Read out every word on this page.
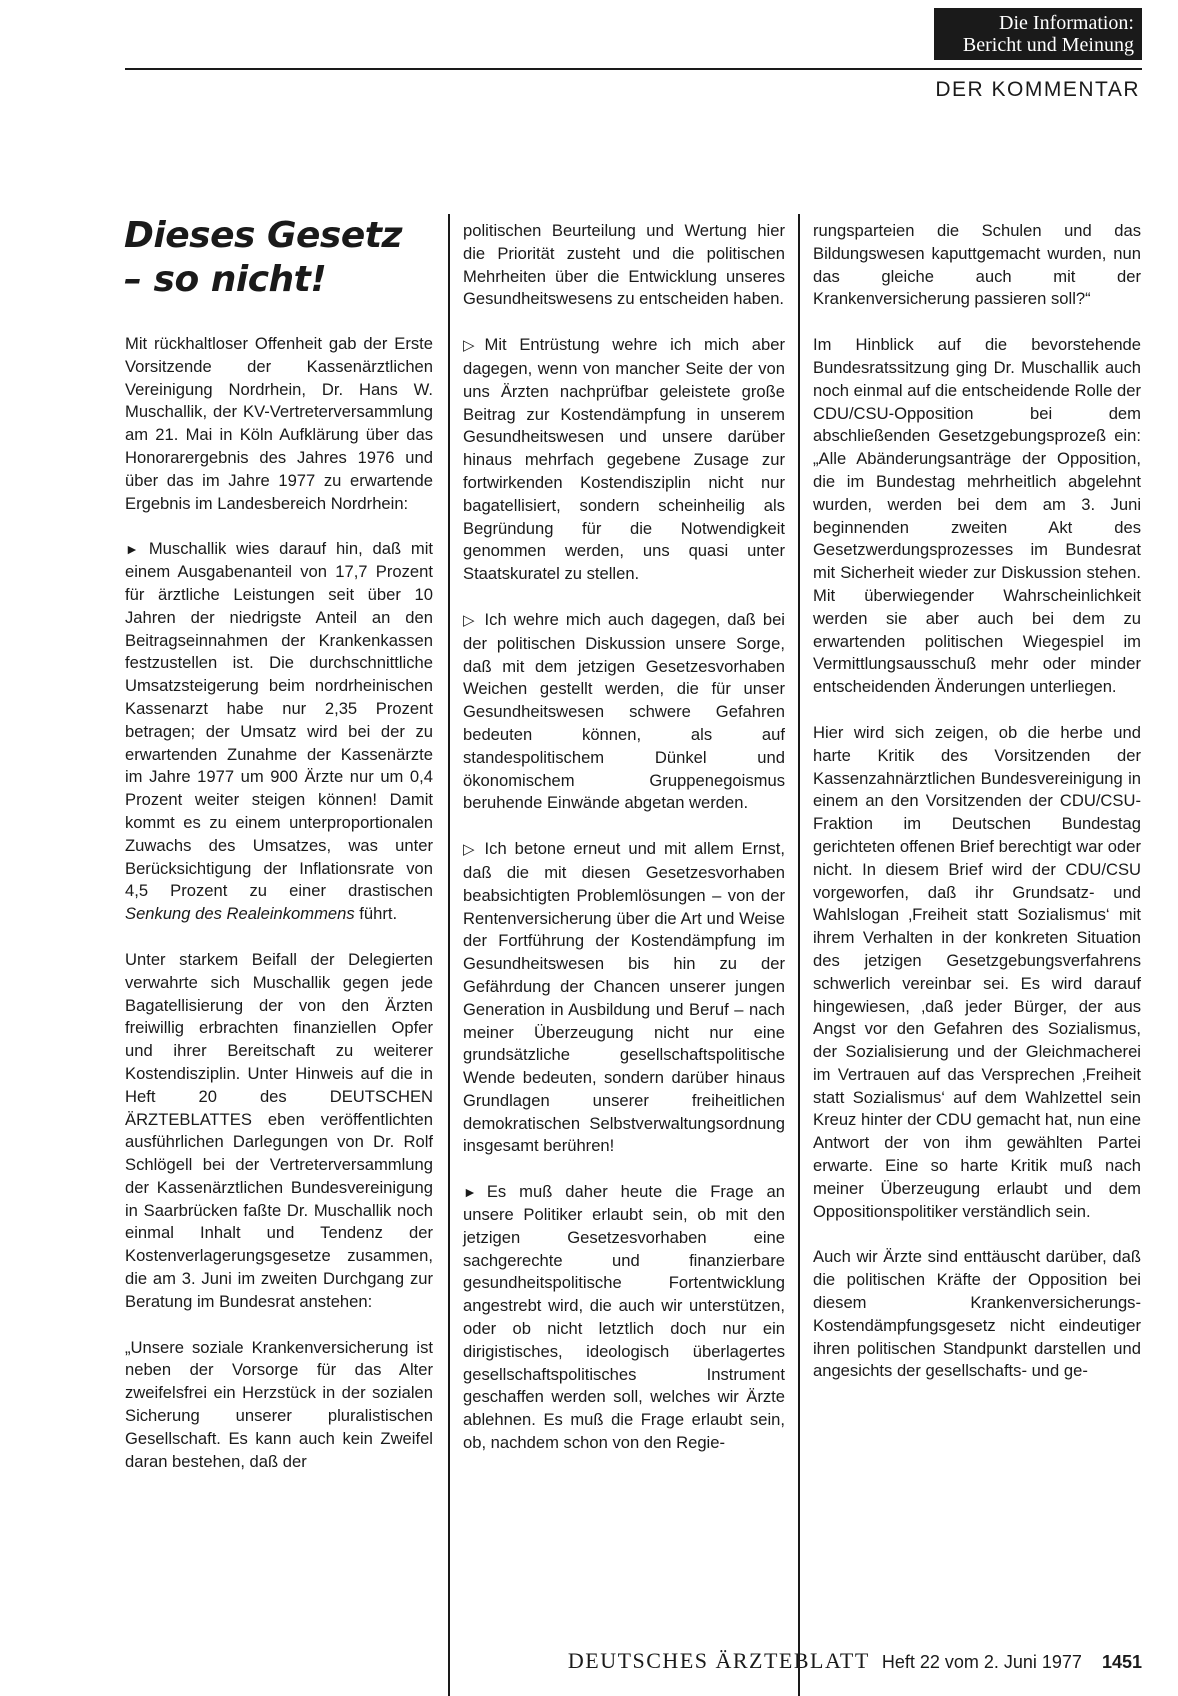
Die Information:
Bericht und Meinung
DER KOMMENTAR
Dieses Gesetz
– so nicht!

Mit rückhaltloser Offenheit gab der Erste Vorsitzende der Kassenärztlichen Vereinigung Nordrhein, Dr. Hans W. Muschallik, der KV-Vertreterversammlung am 21. Mai in Köln Aufklärung über das Honorarergebnis des Jahres 1976 und über das im Jahre 1977 zu erwartende Ergebnis im Landesbereich Nordrhein:

► Muschallik wies darauf hin, daß mit einem Ausgabenanteil von 17,7 Prozent für ärztliche Leistungen seit über 10 Jahren der niedrigste Anteil an den Beitragseinnahmen der Krankenkassen festzustellen ist. Die durchschnittliche Umsatzsteigerung beim nordrheinischen Kassenarzt habe nur 2,35 Prozent betragen; der Umsatz wird bei der zu erwartenden Zunahme der Kassenärzte im Jahre 1977 um 900 Ärzte nur um 0,4 Prozent weiter steigen können! Damit kommt es zu einem unterproportionalen Zuwachs des Umsatzes, was unter Berücksichtigung der Inflationsrate von 4,5 Prozent zu einer drastischen Senkung des Realeinkommens führt.

Unter starkem Beifall der Delegierten verwahrte sich Muschallik gegen jede Bagatellisierung der von den Ärzten freiwillig erbrachten finanziellen Opfer und ihrer Bereitschaft zu weiterer Kostendisziplin. Unter Hinweis auf die in Heft 20 des DEUTSCHEN ÄRZTEBLATTES eben veröffentlichten ausführlichen Darlegungen von Dr. Rolf Schlögell bei der Vertreterversammlung der Kassenärztlichen Bundesvereinigung in Saarbrücken faßte Dr. Muschallik noch einmal Inhalt und Tendenz der Kostenverlagerungsgesetze zusammen, die am 3. Juni im zweiten Durchgang zur Beratung im Bundesrat anstehen:

„Unsere soziale Krankenversicherung ist neben der Vorsorge für das Alter zweifelsfrei ein Herzstück in der sozialen Sicherung unserer pluralistischen Gesellschaft. Es kann auch kein Zweifel daran bestehen, daß der

politischen Beurteilung und Wertung hier die Priorität zusteht und die politischen Mehrheiten über die Entwicklung unseres Gesundheitswesens zu entscheiden haben.

▷ Mit Entrüstung wehre ich mich aber dagegen, wenn von mancher Seite der von uns Ärzten nachprüfbar geleistete große Beitrag zur Kostendämpfung in unserem Gesundheitswesen und unsere darüber hinaus mehrfach gegebene Zusage zur fortwirkenden Kostendisziplin nicht nur bagatellisiert, sondern scheinheilig als Begründung für die Notwendigkeit genommen werden, uns quasi unter Staatskuratel zu stellen.

▷ Ich wehre mich auch dagegen, daß bei der politischen Diskussion unsere Sorge, daß mit dem jetzigen Gesetzesvorhaben Weichen gestellt werden, die für unser Gesundheitswesen schwere Gefahren bedeuten können, als auf standespolitischem Dünkel und ökonomischem Gruppenegoismus beruhende Einwände abgetan werden.

▷ Ich betone erneut und mit allem Ernst, daß die mit diesen Gesetzesvorhaben beabsichtigten Problemlösungen – von der Rentenversicherung über die Art und Weise der Fortführung der Kostendämpfung im Gesundheitswesen bis hin zu der Gefährdung der Chancen unserer jungen Generation in Ausbildung und Beruf – nach meiner Überzeugung nicht nur eine grundsätzliche gesellschaftspolitische Wende bedeuten, sondern darüber hinaus Grundlagen unserer freiheitlichen demokratischen Selbstverwaltungsordnung insgesamt berühren!

► Es muß daher heute die Frage an unsere Politiker erlaubt sein, ob mit den jetzigen Gesetzesvorhaben eine sachgerechte und finanzierbare gesundheitspolitische Fortentwicklung angestrebt wird, die auch wir unterstützen, oder ob nicht letztlich doch nur ein dirigistisches, ideologisch überlagertes gesellschaftspolitisches Instrument geschaffen werden soll, welches wir Ärzte ablehnen. Es muß die Frage erlaubt sein, ob, nachdem schon von den Regie-

rungsparteien die Schulen und das Bildungswesen kaputtgemacht wurden, nun das gleiche auch mit der Krankenversicherung passieren soll?“

Im Hinblick auf die bevorstehende Bundesratssitzung ging Dr. Muschallik auch noch einmal auf die entscheidende Rolle der CDU/CSU-Opposition bei dem abschließenden Gesetzgebungsprozeß ein: „Alle Abänderungsanträge der Opposition, die im Bundestag mehrheitlich abgelehnt wurden, werden bei dem am 3. Juni beginnenden zweiten Akt des Gesetzwerdungsprozesses im Bundesrat mit Sicherheit wieder zur Diskussion stehen. Mit überwiegender Wahrscheinlichkeit werden sie aber auch bei dem zu erwartenden politischen Wiegespiel im Vermittlungsausschuß mehr oder minder entscheidenden Änderungen unterliegen.

Hier wird sich zeigen, ob die herbe und harte Kritik des Vorsitzenden der Kassenzahnärztlichen Bundesvereinigung in einem an den Vorsitzenden der CDU/CSU-Fraktion im Deutschen Bundestag gerichteten offenen Brief berechtigt war oder nicht. In diesem Brief wird der CDU/CSU vorgeworfen, daß ihr Grundsatz- und Wahlslogan ‚Freiheit statt Sozialismus‘ mit ihrem Verhalten in der konkreten Situation des jetzigen Gesetzgebungsverfahrens schwerlich vereinbar sei. Es wird darauf hingewiesen, ‚daß jeder Bürger, der aus Angst vor den Gefahren des Sozialismus, der Sozialisierung und der Gleichmacherei im Vertrauen auf das Versprechen ‚Freiheit statt Sozialismus‘ auf dem Wahlzettel sein Kreuz hinter der CDU gemacht hat, nun eine Antwort der von ihm gewählten Partei erwarte. Eine so harte Kritik muß nach meiner Überzeugung erlaubt und dem Oppositionspolitiker verständlich sein.

Auch wir Ärzte sind enttäuscht darüber, daß die politischen Kräfte der Opposition bei diesem Krankenversicherungs-Kostendämpfungsgesetz nicht eindeutiger ihren politischen Standpunkt darstellen und angesichts der gesellschafts- und ge-

DEUTSCHES ÄRZTEBLATT Heft 22 vom 2. Juni 1977 1451
